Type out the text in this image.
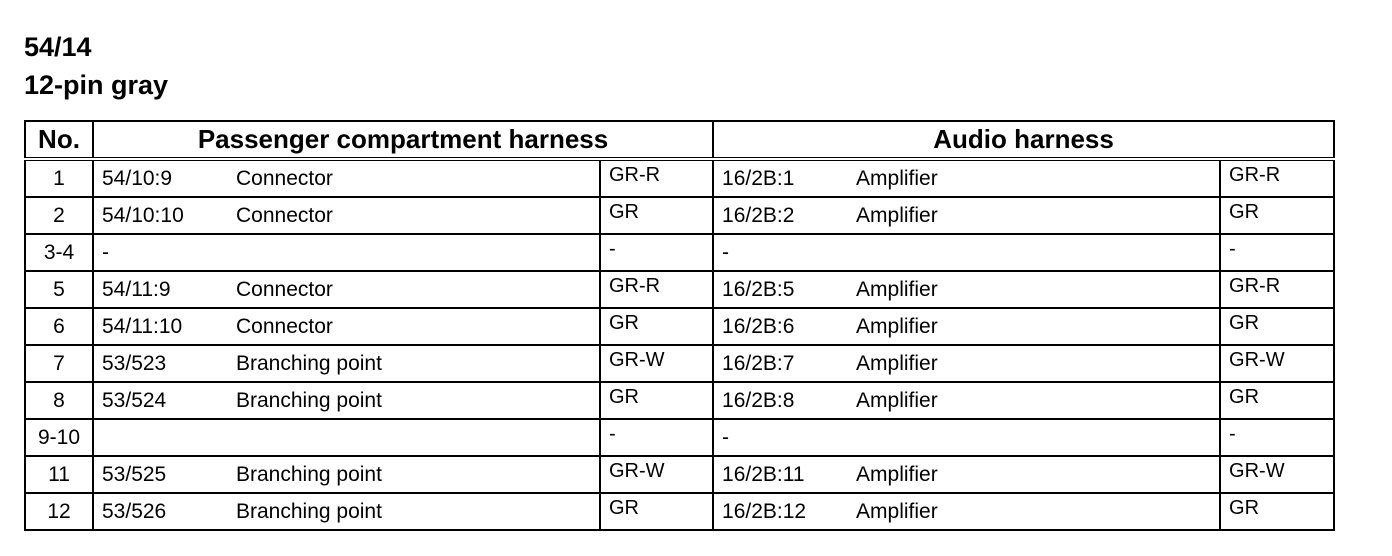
54/14
12-pin gray
No.	Passenger compartment harness			Audio harness		
1	54/10:9	Connector	GR-R	16/2B:1	Amplifier	GR-R
2	54/10:10	Connector	GR	16/2B:2	Amplifier	GR
3-4	-		-	-		-
5	54/11:9	Connector	GR-R	16/2B:5	Amplifier	GR-R
6	54/11:10	Connector	GR	16/2B:6	Amplifier	GR
7	53/523	Branching point	GR-W	16/2B:7	Amplifier	GR-W
8	53/524	Branching point	GR	16/2B:8	Amplifier	GR
9-10			-	-		-
11	53/525	Branching point	GR-W	16/2B:11	Amplifier	GR-W
12	53/526	Branching point	GR	16/2B:12	Amplifier	GR
